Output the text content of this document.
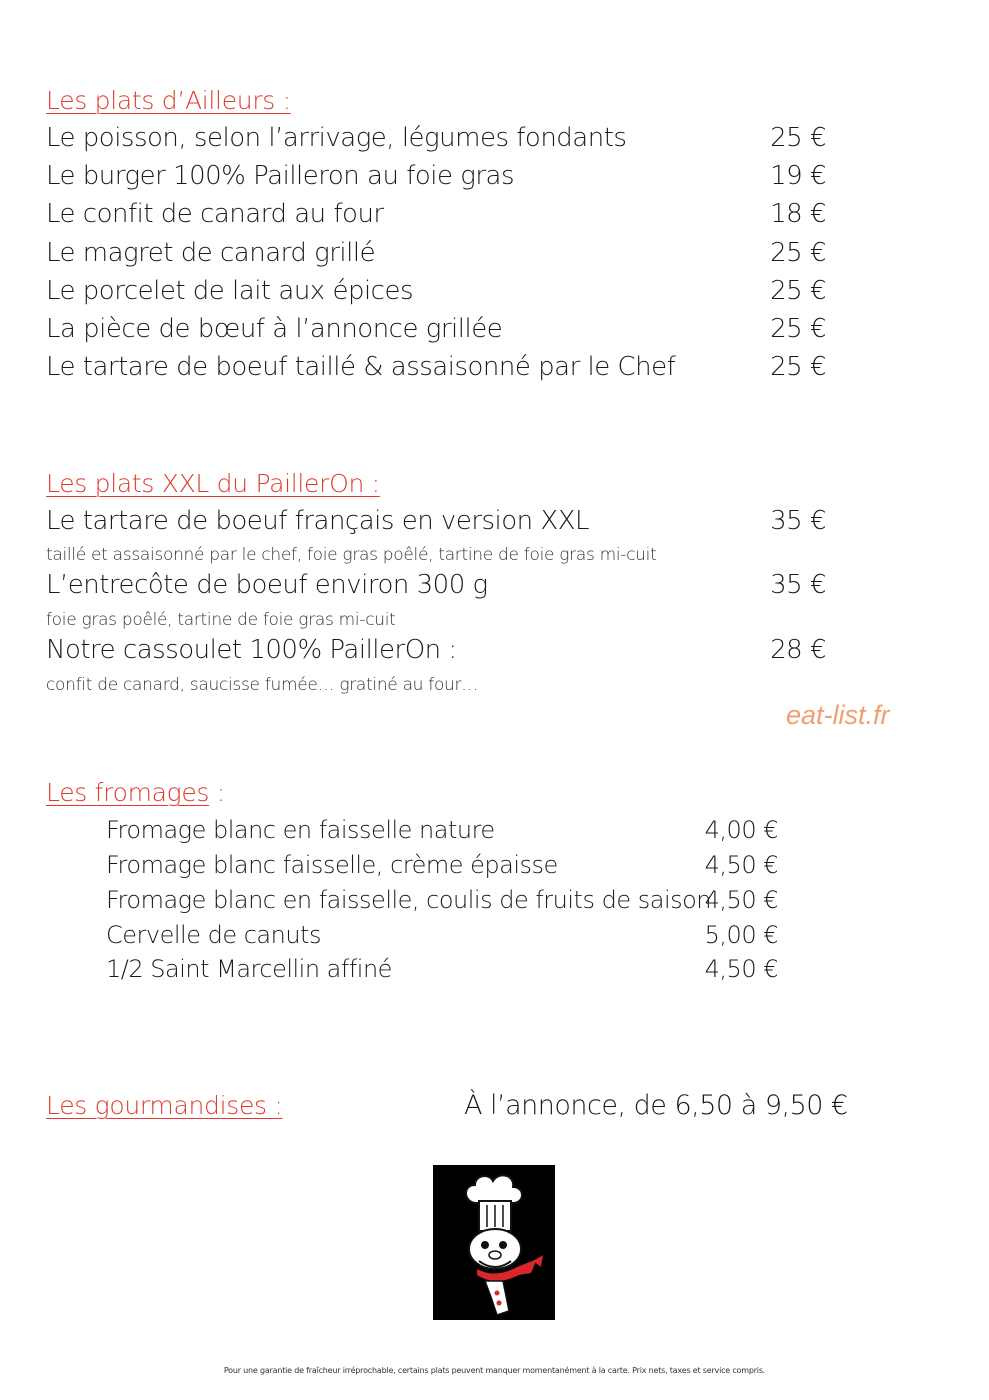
Les plats d’Ailleurs :
Le poisson, selon l’arrivage, légumes fondants	25 €
Le burger 100% Pailleron au foie gras	19 €
Le confit de canard au four	18 €
Le magret de canard grillé	25 €
Le porcelet de lait aux épices	25 €
La pièce de bœuf à l’annonce grillée	25 €
Le tartare de boeuf taillé & assaisonné par le Chef	25 €
Les plats XXL du PaillerOn :
Le tartare de boeuf français en version XXL	35 €
taillé et assaisonné par le chef, foie gras poêlé, tartine de foie gras mi-cuit
L’entrecôte de boeuf environ 300 g	35 €
foie gras poêlé, tartine de foie gras mi-cuit
Notre cassoulet 100% PaillerOn :	28 €
confit de canard, saucisse fumée… gratiné au four…
eat-list.fr
Les fromages :
Fromage blanc en faisselle nature	4,00 €
Fromage blanc faisselle, crème épaisse	4,50 €
Fromage blanc en faisselle, coulis de fruits de saison
4,50 €
Cervelle de canuts	5,00 €
1/2 Saint Marcellin affiné	4,50 €
Les gourmandises :	À l’annonce, de 6,50 à 9,50 €
Pour une garantie de fraîcheur irréprochable, certains plats peuvent manquer momentanément à la carte. Prix nets, taxes et service compris.
